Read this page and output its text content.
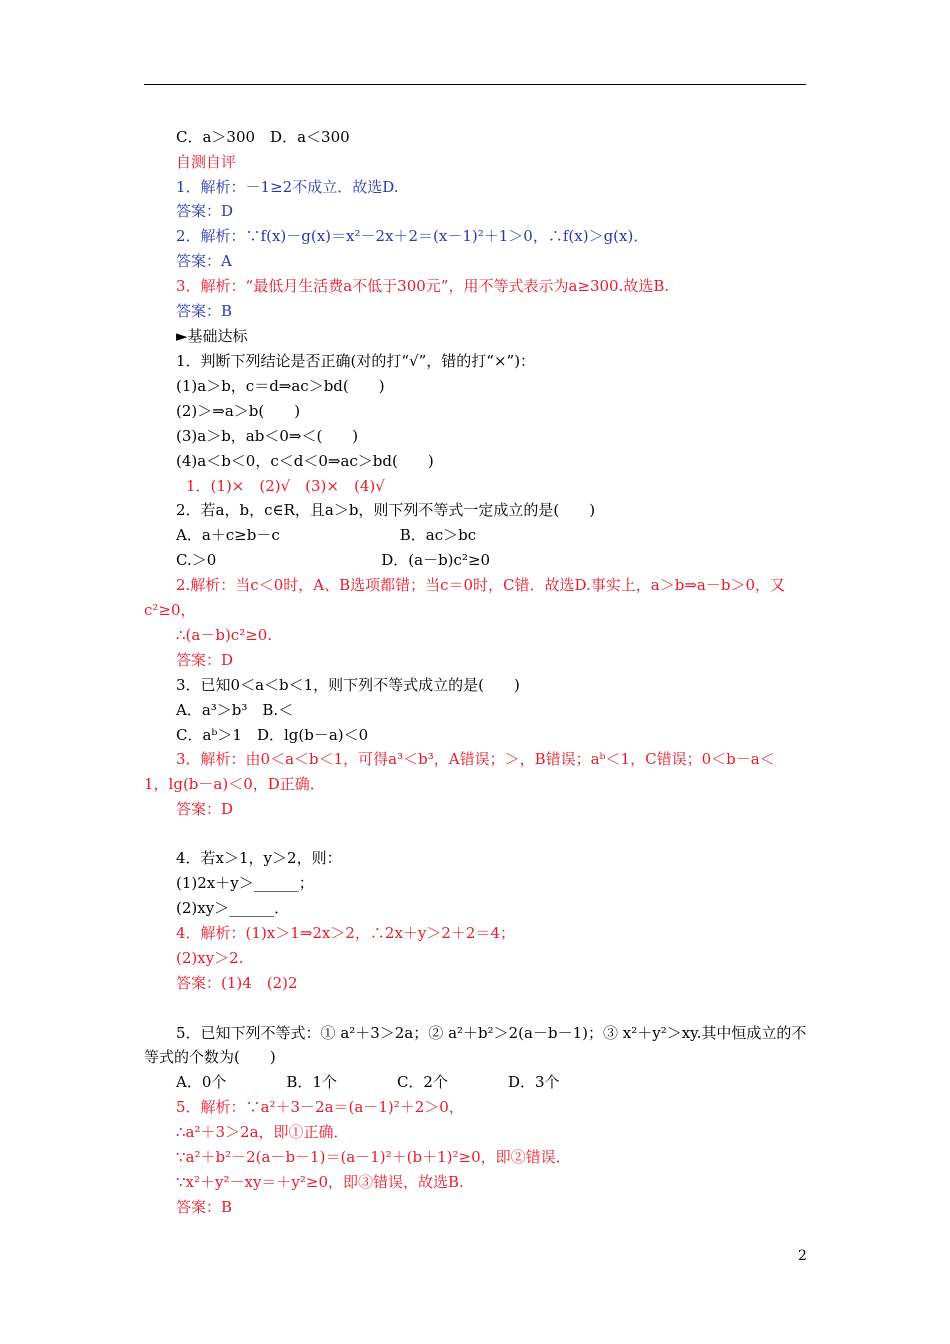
C．a＞300　D．a＜300
自测自评
1．解析：－1≥2不成立．故选D.
答案：D
2．解析：∵f(x)－g(x)＝x²－2x＋2＝(x－1)²＋1＞0，∴f(x)＞g(x)．
答案：A
3．解析：“最低月生活费a不低于300元”，用不等式表示为a≥300.故选B.
答案：B
►基础达标
1．判断下列结论是否正确(对的打“√”，错的打“×”)：
(1)a＞b，c＝d⇒ac＞bd(　　)
(2)＞⇒a＞b(　　)
(3)a＞b，ab＜0⇒＜(　　)
(4)a＜b＜0，c＜d＜0⇒ac＞bd(　　)
1．(1)×　(2)√　(3)×　(4)√
2．若a，b，c∈R，且a＞b，则下列不等式一定成立的是(　　)
A．a＋c≥b－c　　　　　　　　B．ac＞bc
C.＞0　　　　　　　　　　　D．(a－b)c²≥0
2.解析：当c＜0时，A、B选项都错；当c＝0时，C错．故选D.事实上，a＞b⇒a－b＞0，又
c²≥0，
∴(a－b)c²≥0.
答案：D
3．已知0＜a＜b＜1，则下列不等式成立的是(　　)
A．a³＞b³　B.＜
C．aᵇ＞1　D．lg(b－a)＜0
3．解析：由0＜a＜b＜1，可得a³＜b³，A错误；＞，B错误；aᵇ＜1，C错误；0＜b－a＜
1，lg(b－a)＜0，D正确．
答案：D
4．若x＞1，y＞2，则：
(1)2x＋y＞______；
(2)xy＞______．
4．解析：(1)x＞1⇒2x＞2，∴2x＋y＞2＋2＝4；
(2)xy＞2.
答案：(1)4　(2)2
5．已知下列不等式：① a²＋3＞2a；② a²＋b²＞2(a－b－1)；③ x²＋y²＞xy.其中恒成立的不
等式的个数为(　　)
A．0个　　　　B．1个　　　　C．2个　　　　D．3个
5．解析：∵a²＋3－2a＝(a－1)²＋2＞0，
∴a²＋3＞2a，即①正确．
∵a²＋b²－2(a－b－1)＝(a－1)²＋(b＋1)²≥0，即②错误．
∵x²＋y²－xy＝＋y²≥0，即③错误，故选B.
答案：B
2
